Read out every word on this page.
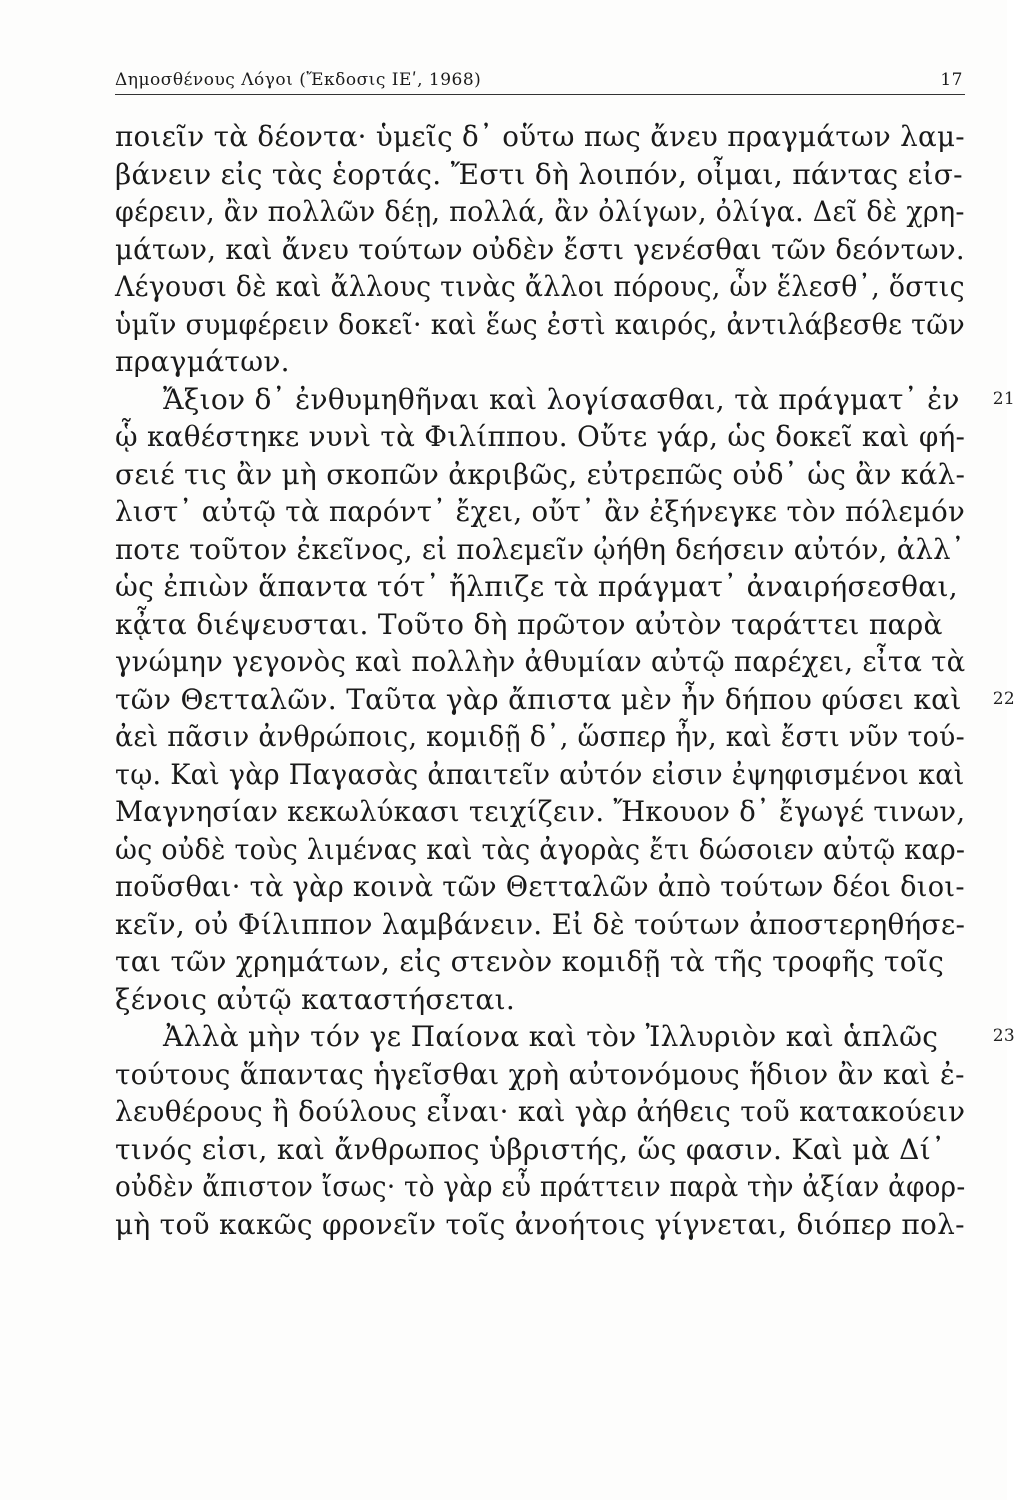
Δημοσθένους Λόγοι (Ἔκδοσις ΙΕʹ, 1968)	17
ποιεῖν τὰ δέοντα· ὑμεῖς δ᾽ οὕτω πως ἄνευ πραγμάτων λαμ-
βάνειν εἰς τὰς ἑορτάς. Ἔστι δὴ λοιπόν, οἶμαι, πάντας εἰσ-
φέρειν, ἂν πολλῶν δέῃ, πολλά, ἂν ὀλίγων, ὀλίγα. Δεῖ δὲ χρη-
μάτων, καὶ ἄνευ τούτων οὐδὲν ἔστι γενέσθαι τῶν δεόντων.
Λέγουσι δὲ καὶ ἄλλους τινὰς ἄλλοι πόρους, ὧν ἕλεσθ᾽, ὅστις
ὑμῖν συμφέρειν δοκεῖ· καὶ ἕως ἐστὶ καιρός, ἀντιλάβεσθε τῶν
πραγμάτων.
Ἄξιον δ᾽ ἐνθυμηθῆναι καὶ λογίσασθαι, τὰ πράγματ᾽ ἐν 21
ᾧ καθέστηκε νυνὶ τὰ Φιλίππου. Οὔτε γάρ, ὡς δοκεῖ καὶ φή-
σειέ τις ἂν μὴ σκοπῶν ἀκριβῶς, εὐτρεπῶς οὐδ᾽ ὡς ἂν κάλ-
λιστ᾽ αὐτῷ τὰ παρόντ᾽ ἔχει, οὔτ᾽ ἂν ἐξήνεγκε τὸν πόλεμόν
ποτε τοῦτον ἐκεῖνος, εἰ πολεμεῖν ᾠήθη δεήσειν αὐτόν, ἀλλ᾽
ὡς ἐπιὼν ἅπαντα τότ᾽ ἤλπιζε τὰ πράγματ᾽ ἀναιρήσεσθαι,
κᾆτα διέψευσται. Τοῦτο δὴ πρῶτον αὐτὸν ταράττει παρὰ
γνώμην γεγονὸς καὶ πολλὴν ἀθυμίαν αὐτῷ παρέχει, εἶτα τὰ
τῶν Θετταλῶν. Ταῦτα γὰρ ἄπιστα μὲν ἦν δήπου φύσει καὶ 22
ἀεὶ πᾶσιν ἀνθρώποις, κομιδῇ δ᾽, ὥσπερ ἦν, καὶ ἔστι νῦν τού-
τῳ. Καὶ γὰρ Παγασὰς ἀπαιτεῖν αὐτόν εἰσιν ἐψηφισμένοι καὶ
Μαγνησίαν κεκωλύκασι τειχίζειν. Ἤκουον δ᾽ ἔγωγέ τινων,
ὡς οὐδὲ τοὺς λιμένας καὶ τὰς ἀγορὰς ἔτι δώσοιεν αὐτῷ καρ-
ποῦσθαι· τὰ γὰρ κοινὰ τῶν Θετταλῶν ἀπὸ τούτων δέοι διοι-
κεῖν, οὐ Φίλιππον λαμβάνειν. Εἰ δὲ τούτων ἀποστερηθήσε-
ται τῶν χρημάτων, εἰς στενὸν κομιδῇ τὰ τῆς τροφῆς τοῖς
ξένοις αὐτῷ καταστήσεται.
Ἀλλὰ μὴν τόν γε Παίονα καὶ τὸν Ἰλλυριὸν καὶ ἁπλῶς	23
τούτους ἅπαντας ἡγεῖσθαι χρὴ αὐτονόμους ἥδιον ἂν καὶ ἐ-
λευθέρους ἢ δούλους εἶναι· καὶ γὰρ ἀήθεις τοῦ κατακούειν
τινός εἰσι, καὶ ἄνθρωπος ὑβριστής, ὥς φασιν. Καὶ μὰ Δί᾽
οὐδὲν ἄπιστον ἴσως· τὸ γὰρ εὖ πράττειν παρὰ τὴν ἀξίαν ἀφορ-
μὴ τοῦ κακῶς φρονεῖν τοῖς ἀνοήτοις γίγνεται, διόπερ πολ-
